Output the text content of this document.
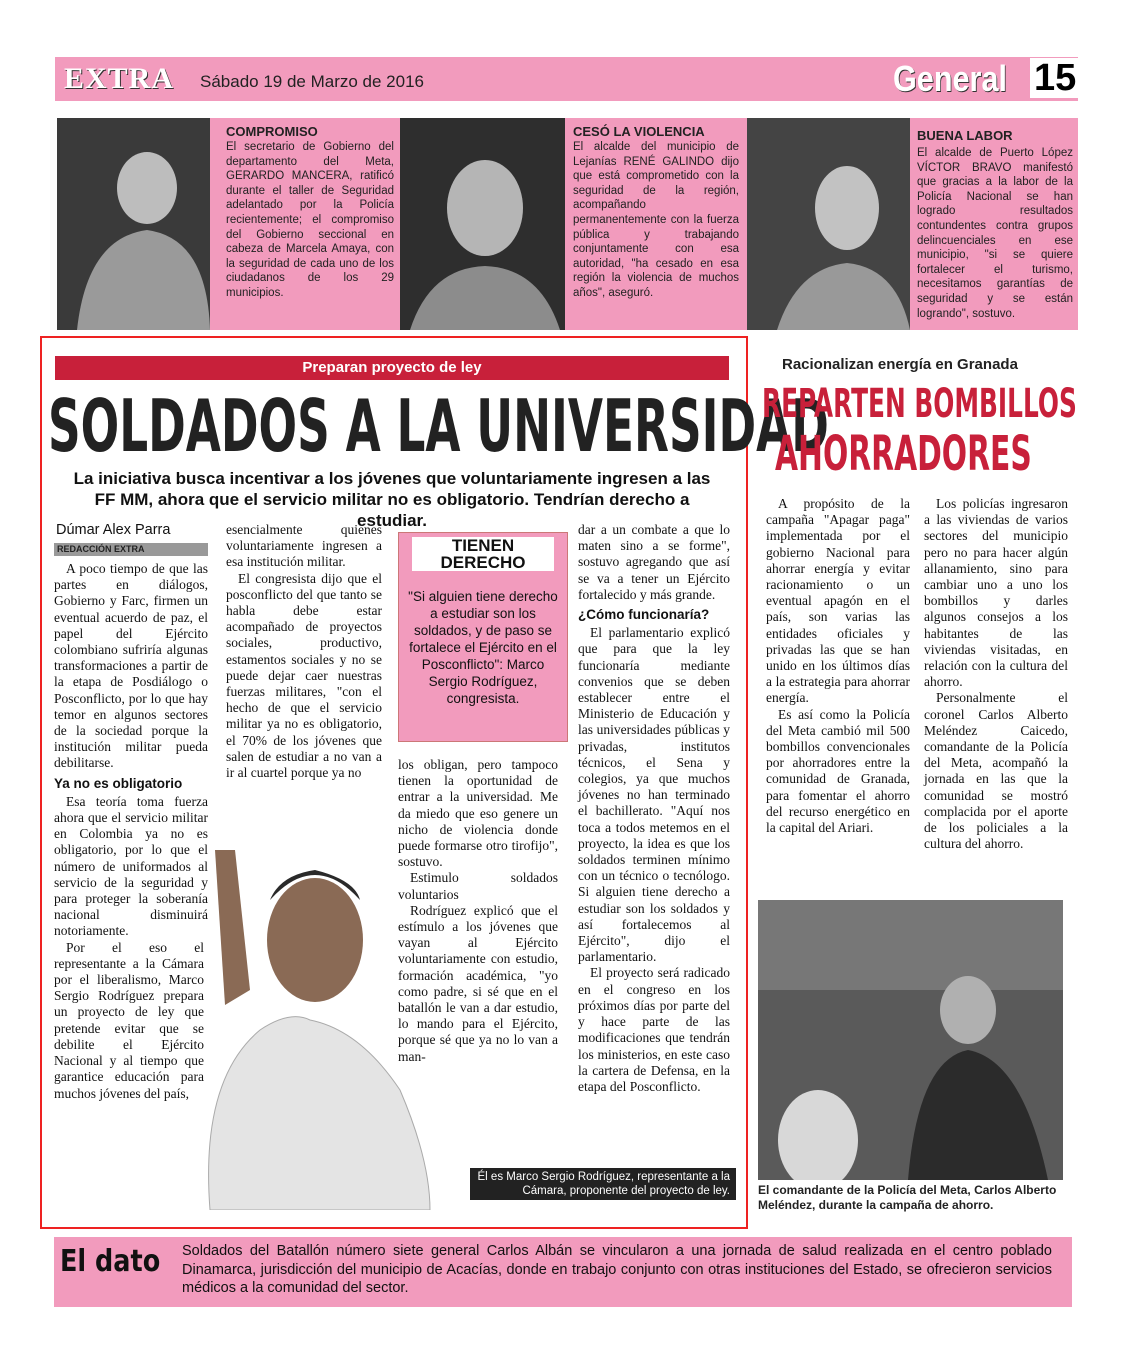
EXTRA Sábado 19 de Marzo de 2016	General 15
COMPROMISO
El secretario de Gobierno del departamento del Meta, GERARDO MANCERA, ratificó durante el taller de Seguridad adelantado por la Policía recientemente; el compromiso del Gobierno seccional en cabeza de Marcela Amaya, con la seguridad de cada uno de los ciudadanos de los 29 municipios.
CESÓ LA VIOLENCIA
El alcalde del municipio de Lejanías RENÉ GALINDO dijo que está comprometido con la seguridad de la región, acompañando permanentemente con la fuerza pública y trabajando conjuntamente con esa autoridad, "ha cesado en esa región la violencia de muchos años", aseguró.
BUENA LABOR
El alcalde de Puerto López VÍCTOR BRAVO manifestó que gracias a la labor de la Policía Nacional se han logrado resultados contundentes contra grupos delincuenciales en ese municipio, "si se quiere fortalecer el turismo, necesitamos garantías de seguridad y se están logrando", sostuvo.
Preparan proyecto de ley
SOLDADOS A LA UNIVERSIDAD
La iniciativa busca incentivar a los jóvenes que voluntariamente ingresen a las FF MM, ahora que el servicio militar no es obligatorio. Tendrían derecho a estudiar.
Dúmar Alex Parra
REDACCIÓN EXTRA

A poco tiempo de que las partes en diálogos, Gobierno y Farc, firmen un eventual acuerdo de paz, el papel del Ejército colombiano sufriría algunas transformaciones a partir de la etapa de Posdiálogo o Posconflicto, por lo que hay temor en algunos sectores de la sociedad porque la institución militar pueda debilitarse.

Ya no es obligatorio

Esa teoría toma fuerza ahora que el servicio militar en Colombia ya no es obligatorio, por lo que el número de uniformados al servicio de la seguridad y para proteger la soberanía nacional disminuirá notoriamente.

Por el eso el representante a la Cámara por el liberalismo, Marco Sergio Rodríguez prepara un proyecto de ley que pretende evitar que se debilite el Ejército Nacional y al tiempo que garantice educación para muchos jóvenes del país,

esencialmente quienes voluntariamente ingresen a esa institución militar.

El congresista dijo que el posconflicto del que tanto se habla debe estar acompañado de proyectos sociales, productivo, estamentos sociales y no se puede dejar caer nuestras fuerzas militares, "con el hecho de que el servicio militar ya no es obligatorio, el 70% de los jóvenes que salen de estudiar a no van a ir al cuartel porque ya no

TIENEN DERECHO
"Si alguien tiene derecho a estudiar son los soldados, y de paso se fortalece el Ejército en el Posconflicto": Marco Sergio Rodríguez, congresista.

los obligan, pero tampoco tienen la oportunidad de entrar a la universidad. Me da miedo que eso genere un nicho de violencia donde puede formarse otro tirofijo", sostuvo.

Estimulo soldados voluntarios

Rodríguez explicó que el estímulo a los jóvenes que vayan al Ejército voluntariamente con estudio, formación académica, "yo como padre, si sé que en el batallón le van a dar estudio, lo mando para el Ejército, porque sé que ya no lo van a man-

dar a un combate a que lo maten sino a se forme", sostuvo agregando que así se va a tener un Ejército fortalecido y más grande.

¿Cómo funcionaría?

El parlamentario explicó que para que la ley funcionaría mediante convenios que se deben establecer entre el Ministerio de Educación y las universidades públicas y privadas, institutos técnicos, el Sena y colegios, ya que muchos jóvenes no han terminado el bachillerato. "Aquí nos toca a todos metemos en el proyecto, la idea es que los soldados terminen mínimo con un técnico o tecnólogo. Si alguien tiene derecho a estudiar son los soldados y así fortalecemos al Ejército", dijo el parlamentario.

El proyecto será radicado en el congreso en los próximos días por parte del y hace parte de las modificaciones que tendrán los ministerios, en este caso la cartera de Defensa, en la etapa del Posconflicto.

Él es Marco Sergio Rodríguez, representante a la Cámara, proponente del proyecto de ley.
Racionalizan energía en Granada
REPARTEN BOMBILLOS
AHORRADORES

A propósito de la campaña "Apagar paga" implementada por el gobierno Nacional para ahorrar energía y evitar racionamiento o un eventual apagón en el país, son varias las entidades oficiales y privadas las que se han unido en los últimos días a la estrategia para ahorrar energía.

Es así como la Policía del Meta cambió mil 500 bombillos convencionales por ahorradores entre la comunidad de Granada, para fomentar el ahorro del recurso energético en la capital del Ariari.

Los policías ingresaron a las viviendas de varios sectores del municipio pero no para hacer algún allanamiento, sino para cambiar uno a uno los bombillos y darles algunos consejos a los habitantes de las viviendas visitadas, en relación con la cultura del ahorro.

Personalmente el coronel Carlos Alberto Meléndez Caicedo, comandante de la Policía del Meta, acompañó la jornada en las que la comunidad se mostró complacida por el aporte de los policiales a la cultura del ahorro.

El comandante de la Policía del Meta, Carlos Alberto Meléndez, durante la campaña de ahorro.
El dato Soldados del Batallón número siete general Carlos Albán se vincularon a una jornada de salud realizada en el centro poblado Dinamarca, jurisdicción del municipio de Acacías, donde en trabajo conjunto con otras instituciones del Estado, se ofrecieron servicios médicos a la comunidad del sector.
